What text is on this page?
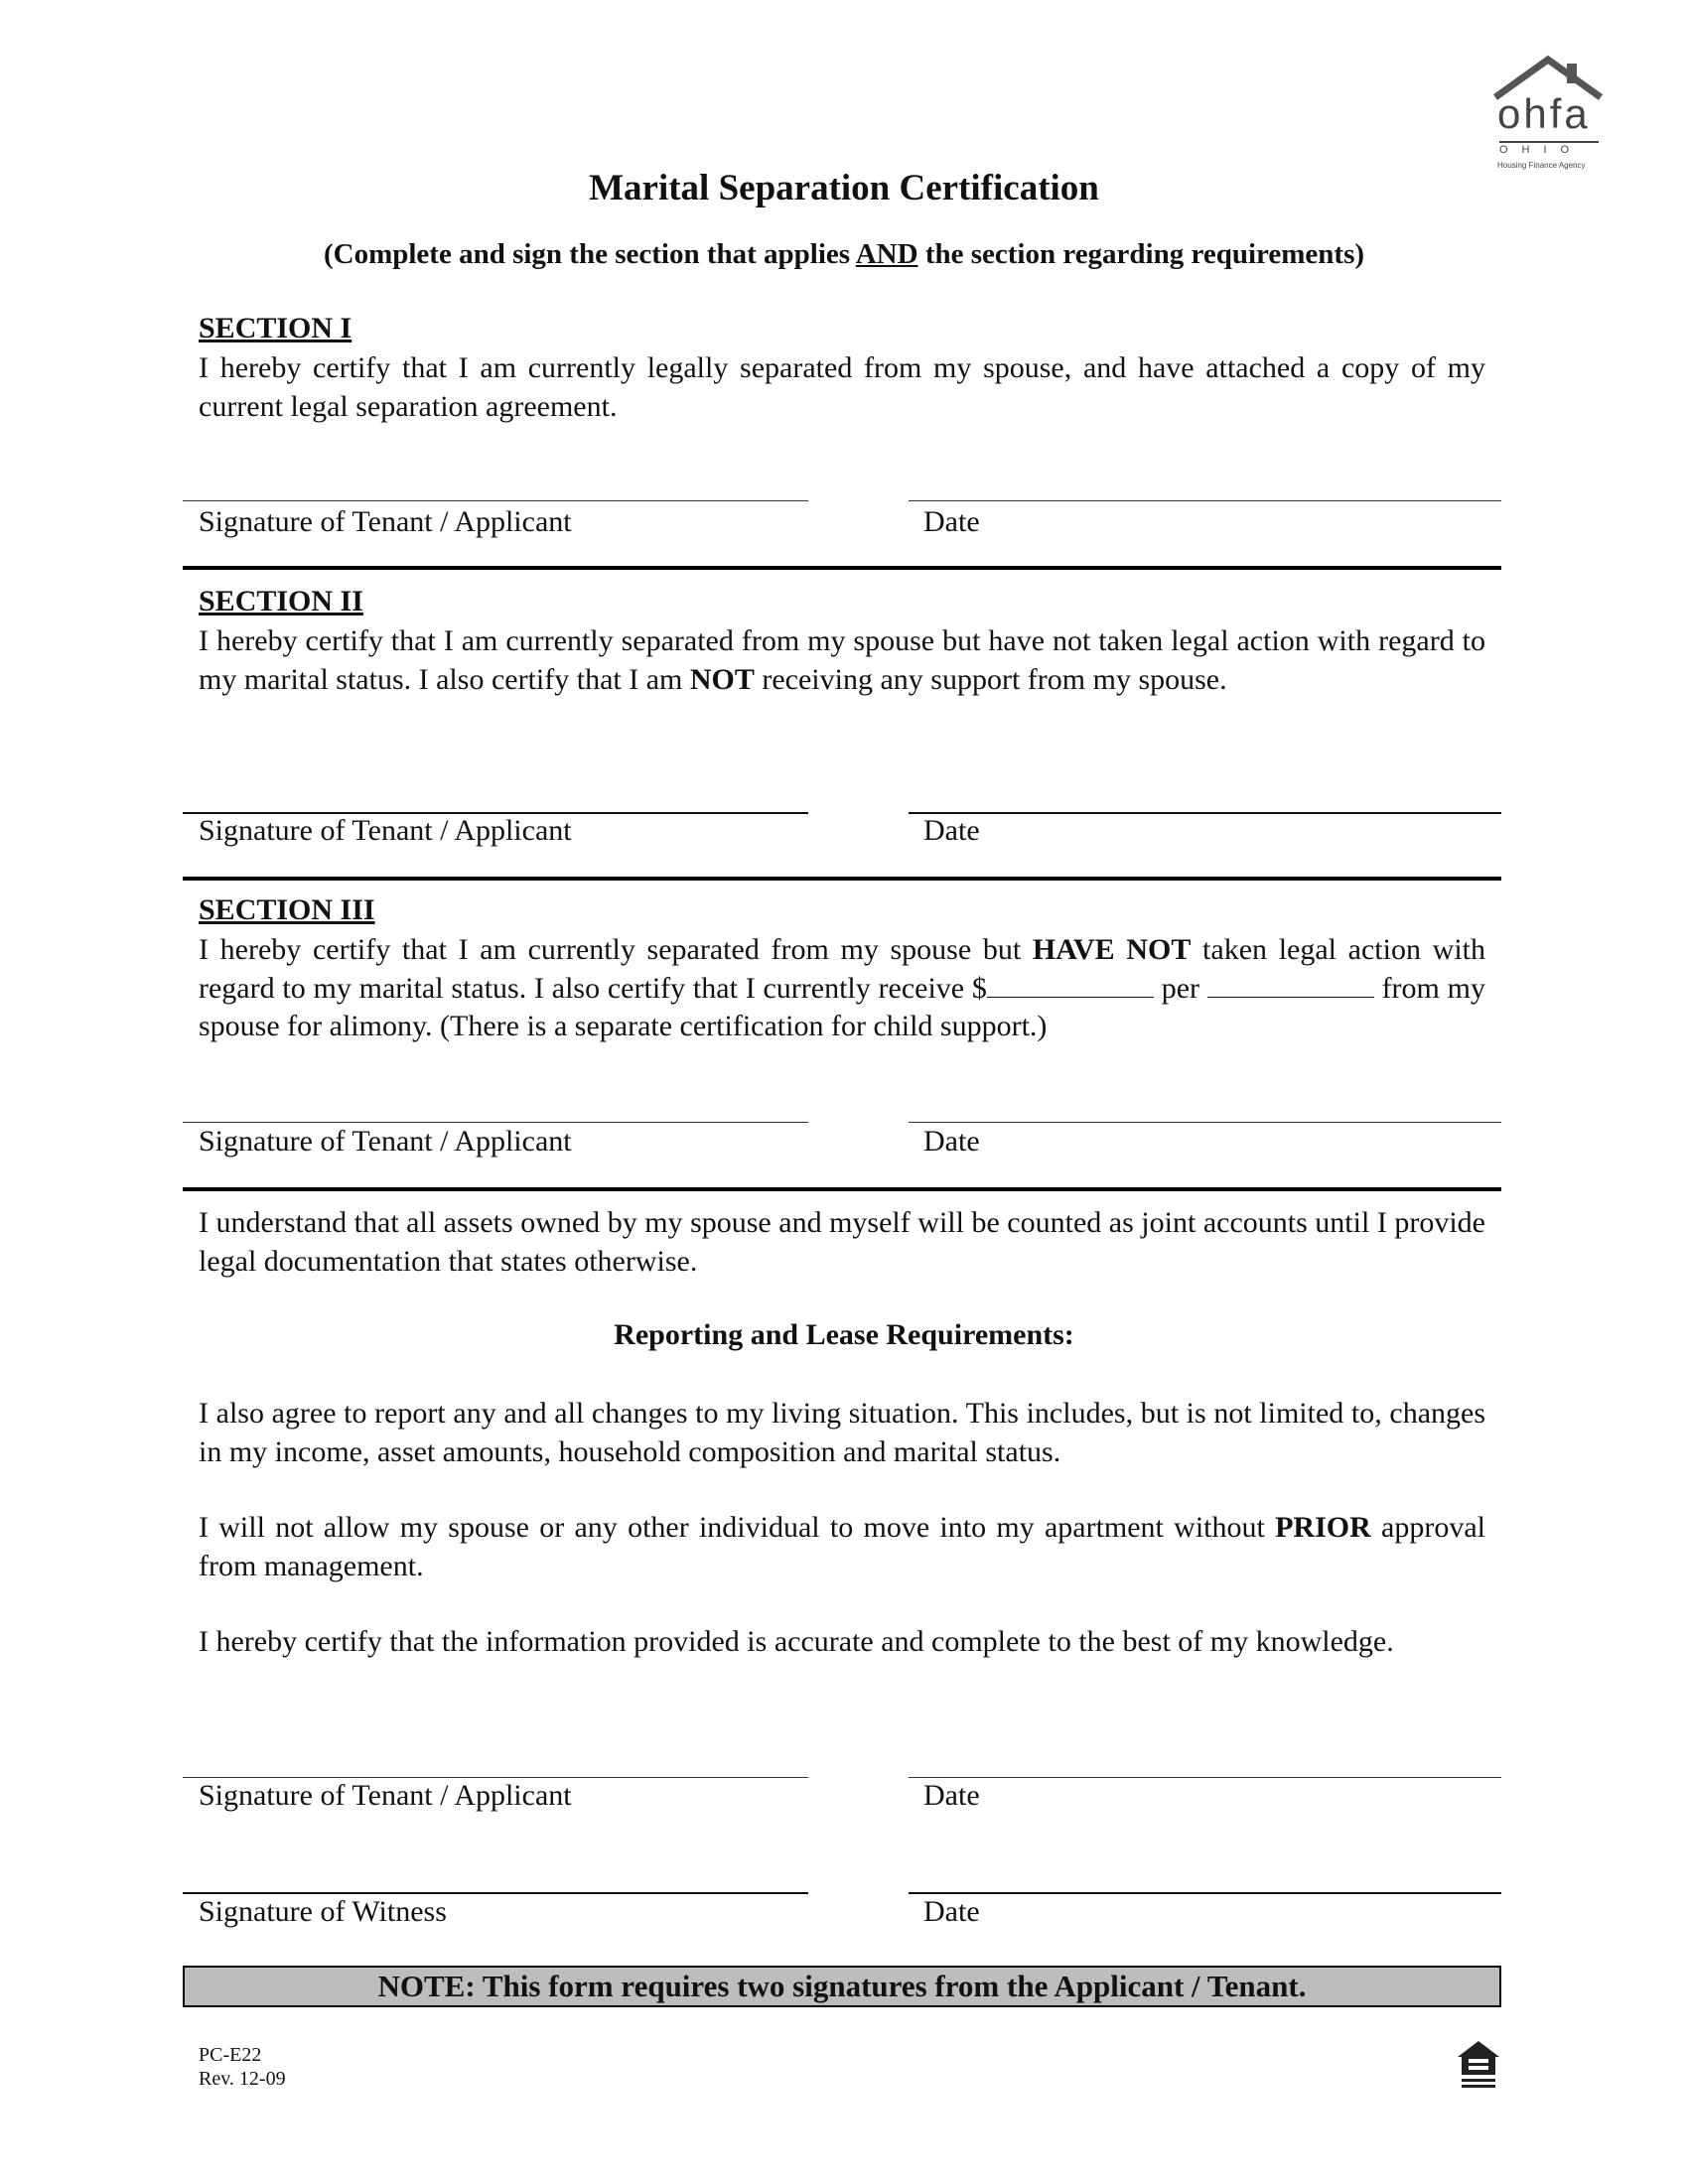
ohfa
OHIO
Housing Finance Agency
Marital Separation Certification
(Complete and sign the section that applies AND the section regarding requirements)
SECTION I
I hereby certify that I am currently legally separated from my spouse, and have attached a copy of my current legal separation agreement.
Signature of Tenant / Applicant	Date
SECTION II
I hereby certify that I am currently separated from my spouse but have not taken legal action with regard to my marital status. I also certify that I am NOT receiving any support from my spouse.
Signature of Tenant / Applicant	Date
SECTION III
I hereby certify that I am currently separated from my spouse but HAVE NOT taken legal action with regard to my marital status. I also certify that I currently receive $	per	from my spouse for alimony. (There is a separate certification for child support.)
Signature of Tenant / Applicant	Date
I understand that all assets owned by my spouse and myself will be counted as joint accounts until I provide legal documentation that states otherwise.
Reporting and Lease Requirements:
I also agree to report any and all changes to my living situation. This includes, but is not limited to, changes in my income, asset amounts, household composition and marital status.
I will not allow my spouse or any other individual to move into my apartment without PRIOR approval from management.
I hereby certify that the information provided is accurate and complete to the best of my knowledge.
Signature of Tenant / Applicant	Date
Signature of Witness	Date
NOTE: This form requires two signatures from the Applicant / Tenant.
PC-E22
Rev. 12-09
